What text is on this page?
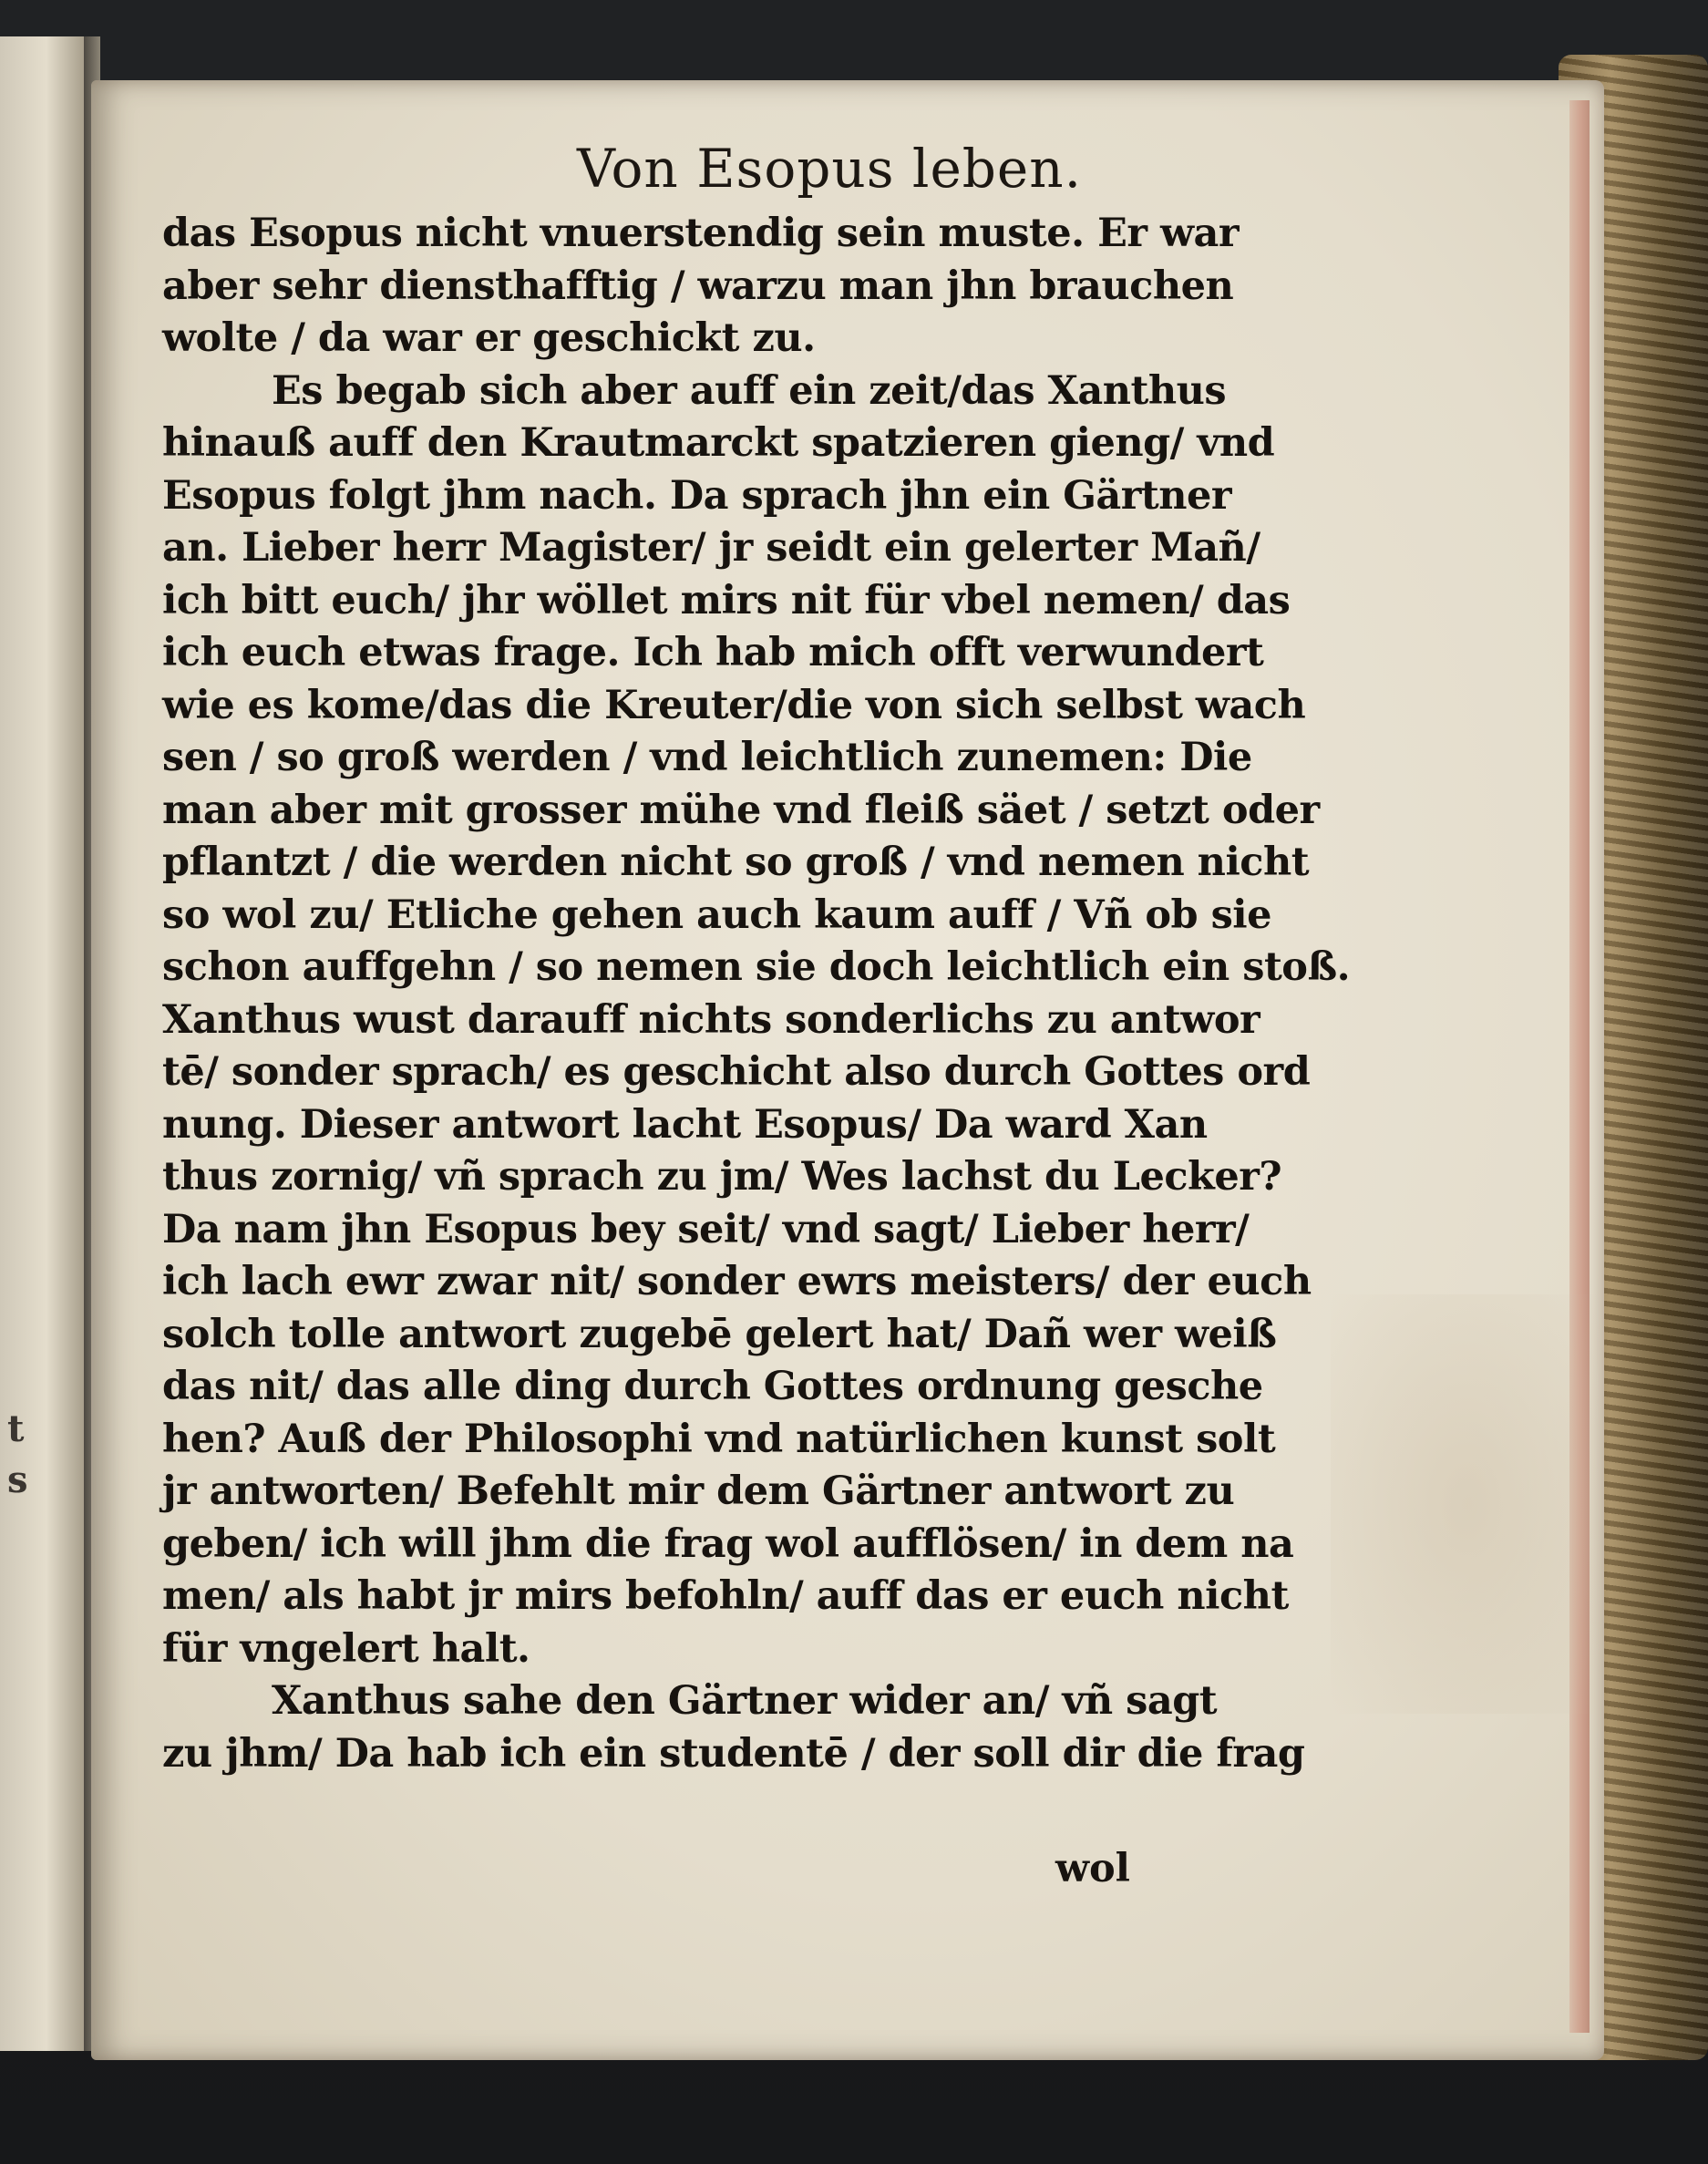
t
s
Von Esopus leben.
das Esopus nicht vnuerstendig sein muste. Er war
aber sehr diensthafftig / warzu man jhn brauchen
wolte / da war er geschickt zu.
Es begab sich aber auff ein zeit/das Xanthus
hinauß auff den Krautmarckt spatzieren gieng/ vnd
Esopus folgt jhm nach. Da sprach jhn ein Gärtner
an. Lieber herr Magister/ jr seidt ein gelerter Mañ/
ich bitt euch/ jhr wöllet mirs nit für vbel nemen/ das
ich euch etwas frage. Ich hab mich offt verwundert
wie es kome/das die Kreuter/die von sich selbst wach
sen / so groß werden / vnd leichtlich zunemen: Die
man aber mit grosser mühe vnd fleiß säet / setzt oder
pflantzt / die werden nicht so groß / vnd nemen nicht
so wol zu/ Etliche gehen auch kaum auff / Vñ ob sie
schon auffgehn / so nemen sie doch leichtlich ein stoß.
Xanthus wust darauff nichts sonderlichs zu antwor
tē/ sonder sprach/ es geschicht also durch Gottes ord
nung. Dieser antwort lacht Esopus/ Da ward Xan
thus zornig/ vñ sprach zu jm/ Wes lachst du Lecker?
Da nam jhn Esopus bey seit/ vnd sagt/ Lieber herr/
ich lach ewr zwar nit/ sonder ewrs meisters/ der euch
solch tolle antwort zugebē gelert hat/ Dañ wer weiß
das nit/ das alle ding durch Gottes ordnung gesche
hen? Auß der Philosophi vnd natürlichen kunst solt
jr antworten/ Befehlt mir dem Gärtner antwort zu
geben/ ich will jhm die frag wol aufflösen/ in dem na
men/ als habt jr mirs befohln/ auff das er euch nicht
für vngelert halt.
Xanthus sahe den Gärtner wider an/ vñ sagt
zu jhm/ Da hab ich ein studentē / der soll dir die frag
wol
